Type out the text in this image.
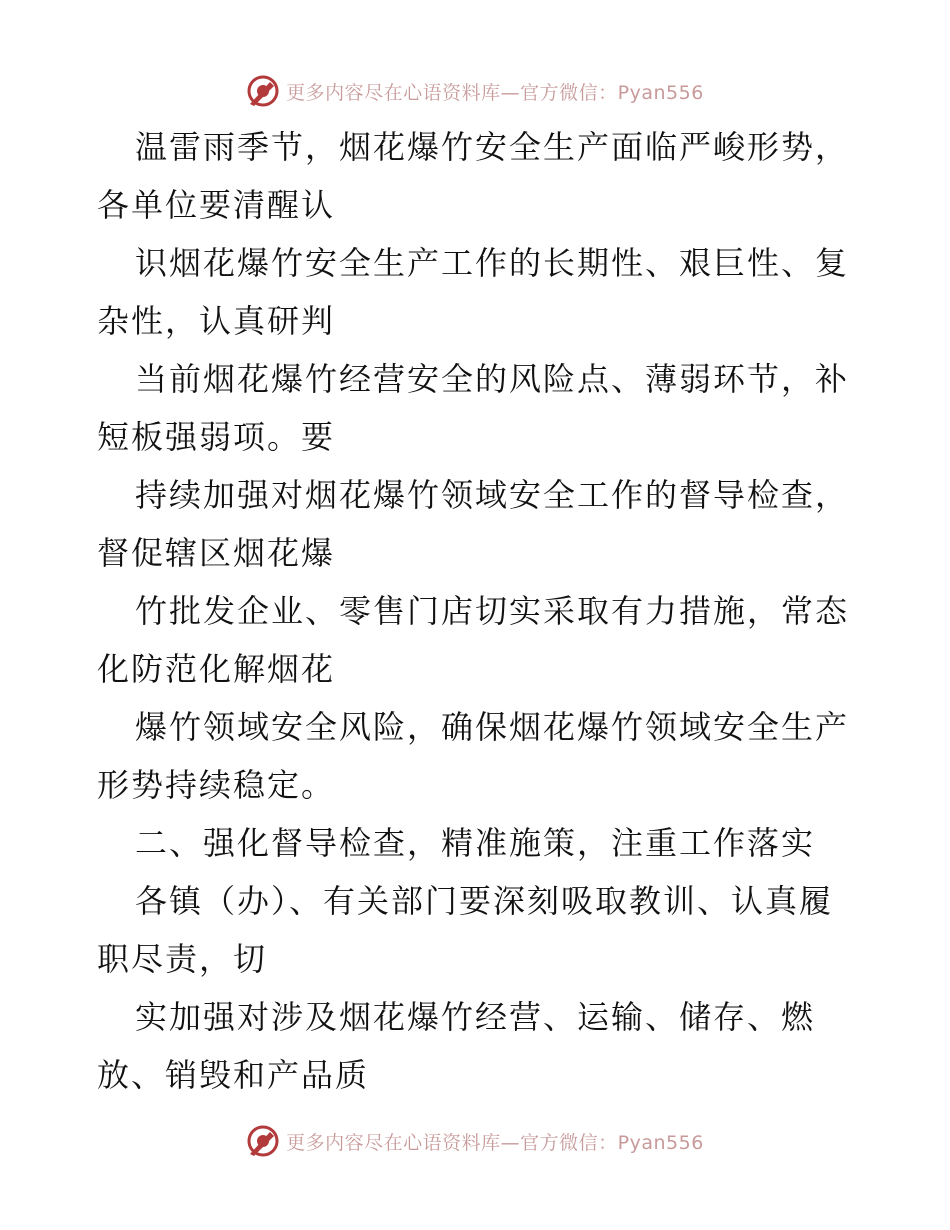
更多内容尽在心语资料库—官方微信：Pyan556
温雷雨季节，烟花爆竹安全生产面临严峻形势，
各单位要清醒认
识烟花爆竹安全生产工作的长期性、艰巨性、复
杂性，认真研判
当前烟花爆竹经营安全的风险点、薄弱环节，补
短板强弱项。要
持续加强对烟花爆竹领域安全工作的督导检查，
督促辖区烟花爆
竹批发企业、零售门店切实采取有力措施，常态
化防范化解烟花
爆竹领域安全风险，确保烟花爆竹领域安全生产
形势持续稳定。
二、强化督导检查，精准施策，注重工作落实
各镇（办）、有关部门要深刻吸取教训、认真履
职尽责，切
实加强对涉及烟花爆竹经营、运输、储存、燃
放、销毁和产品质
更多内容尽在心语资料库—官方微信：Pyan556
